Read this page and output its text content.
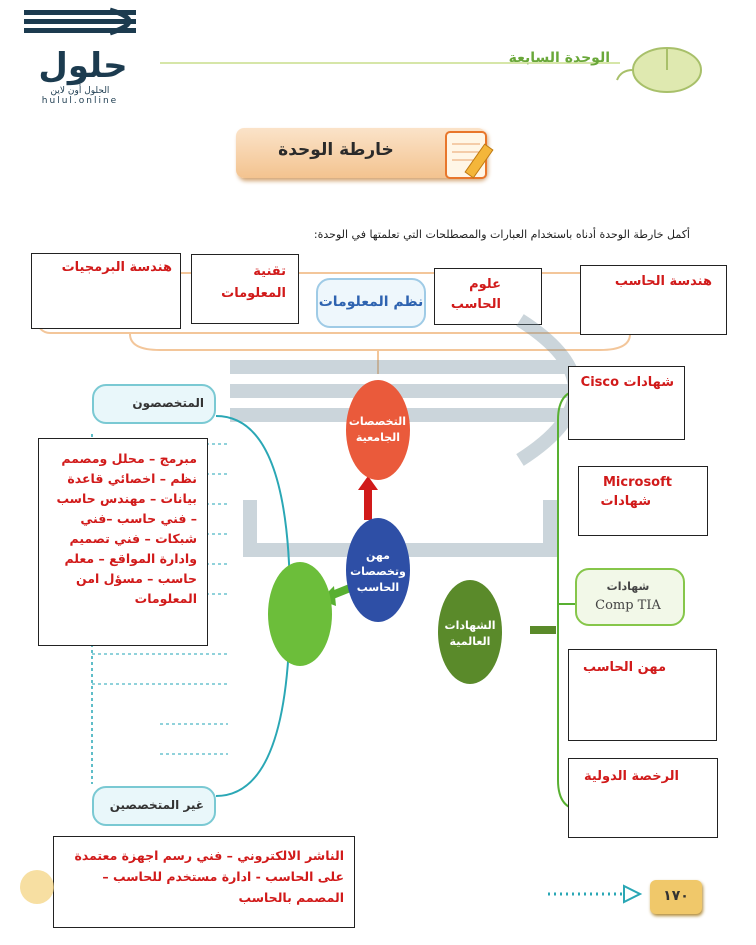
حلول
الحلول أون لاين
hulul.online
الوحدة السابعة
خارطة الوحدة
أكمل خارطة الوحدة أدناه باستخدام العبارات والمصطلحات التي تعلمتها في الوحدة:
نظم المعلومات
هندسة البرمجيات	تقنية المعلومات
علوم الحاسب
هندسة الحاسب
المتخصصون
غير المتخصصين
مبرمج – محلل ومصمم نظم – اخصائي قاعدة بيانات – مهندس حاسب – فني حاسب –فني شبكات – فني تصميم وادارة المواقع – معلم حاسب – مسؤل امن المعلومات
التخصصات الجامعية
مهن وتخصصات الحاسب
الشهادات العالمية
شهادات Cisco
Microsoft
شهادات
شهادات
Comp TIA
مهن الحاسب
الرخصة الدولية
الناشر الالكتروني – فني رسم اجهزة معتمدة على الحاسب - ادارة مستخدم للحاسب – المصمم بالحاسب	١٧٠
